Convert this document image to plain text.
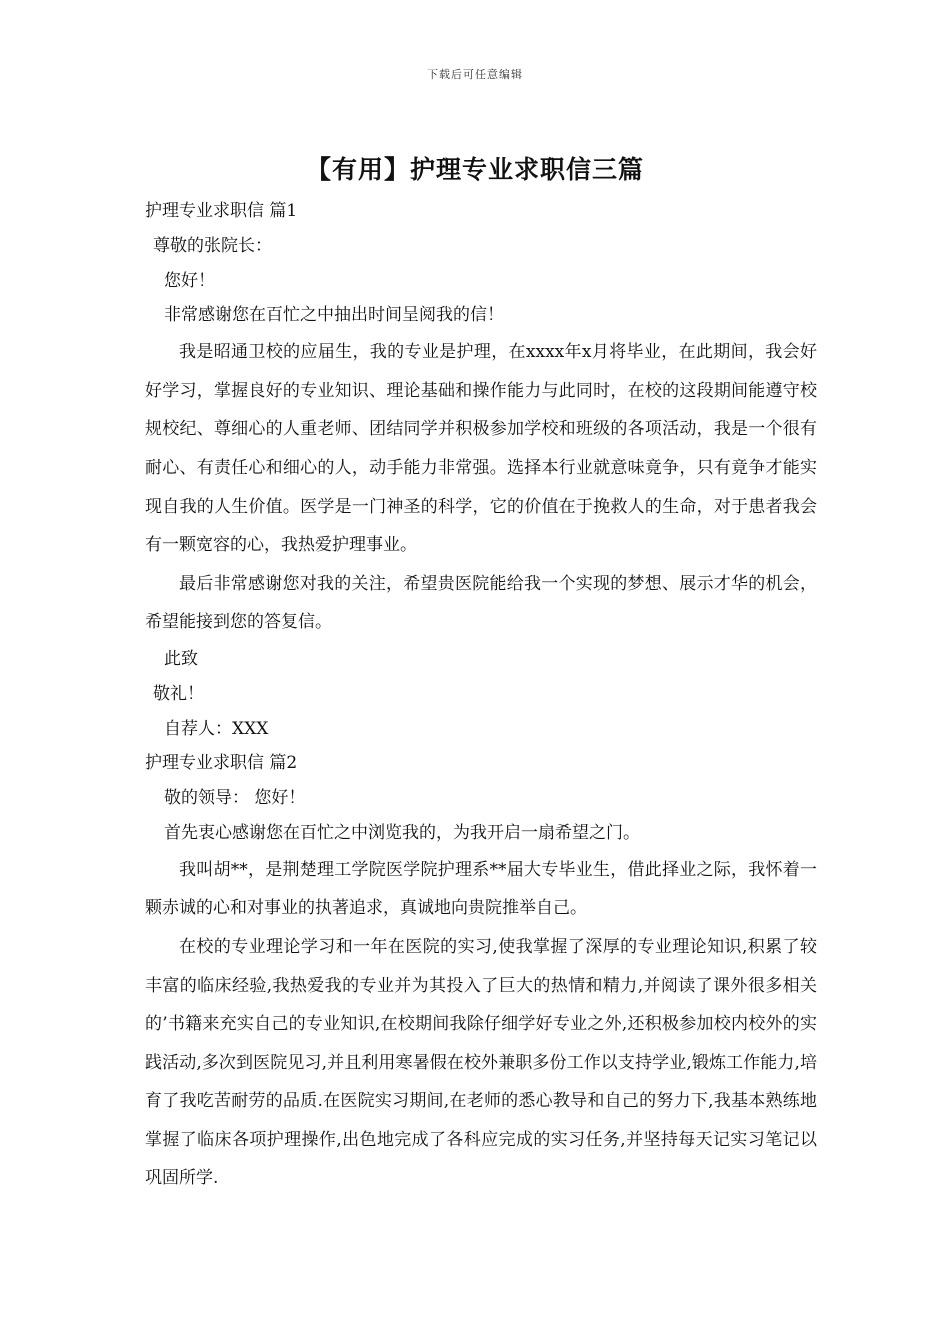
下载后可任意编辑
【有用】护理专业求职信三篇
护理专业求职信 篇1
尊敬的张院长：
您好！
非常感谢您在百忙之中抽出时间呈阅我的信！

我是昭通卫校的应届生，我的专业是护理，在xxxx年x月将毕业，在此期间，我会好好学习，掌握良好的专业知识、理论基础和操作能力与此同时，在校的这段期间能遵守校规校纪、尊细心的人重老师、团结同学并积极参加学校和班级的各项活动，我是一个很有耐心、有责任心和细心的人，动手能力非常强。选择本行业就意味竟争，只有竟争才能实现自我的人生价值。医学是一门神圣的科学，它的价值在于挽救人的生命，对于患者我会有一颗宽容的心，我热爱护理事业。

最后非常感谢您对我的关注，希望贵医院能给我一个实现的梦想、展示才华的机会，希望能接到您的答复信。

此致
敬礼！
自荐人：XXX
护理专业求职信 篇2
敬的领导： 您好！
首先衷心感谢您在百忙之中浏览我的，为我开启一扇希望之门。

我叫胡**，是荆楚理工学院医学院护理系**届大专毕业生，借此择业之际，我怀着一颗赤诚的心和对事业的执著追求，真诚地向贵院推举自己。

在校的专业理论学习和一年在医院的实习,使我掌握了深厚的专业理论知识,积累了较丰富的临床经验,我热爱我的专业并为其投入了巨大的热情和精力,并阅读了课外很多相关的’书籍来充实自己的专业知识,在校期间我除仔细学好专业之外,还积极参加校内校外的实践活动,多次到医院见习,并且利用寒暑假在校外兼职多份工作以支持学业,锻炼工作能力,培育了我吃苦耐劳的品质.在医院实习期间,在老师的悉心教导和自己的努力下,我基本熟练地掌握了临床各项护理操作,出色地完成了各科应完成的实习任务,并坚持每天记实习笔记以巩固所学.
